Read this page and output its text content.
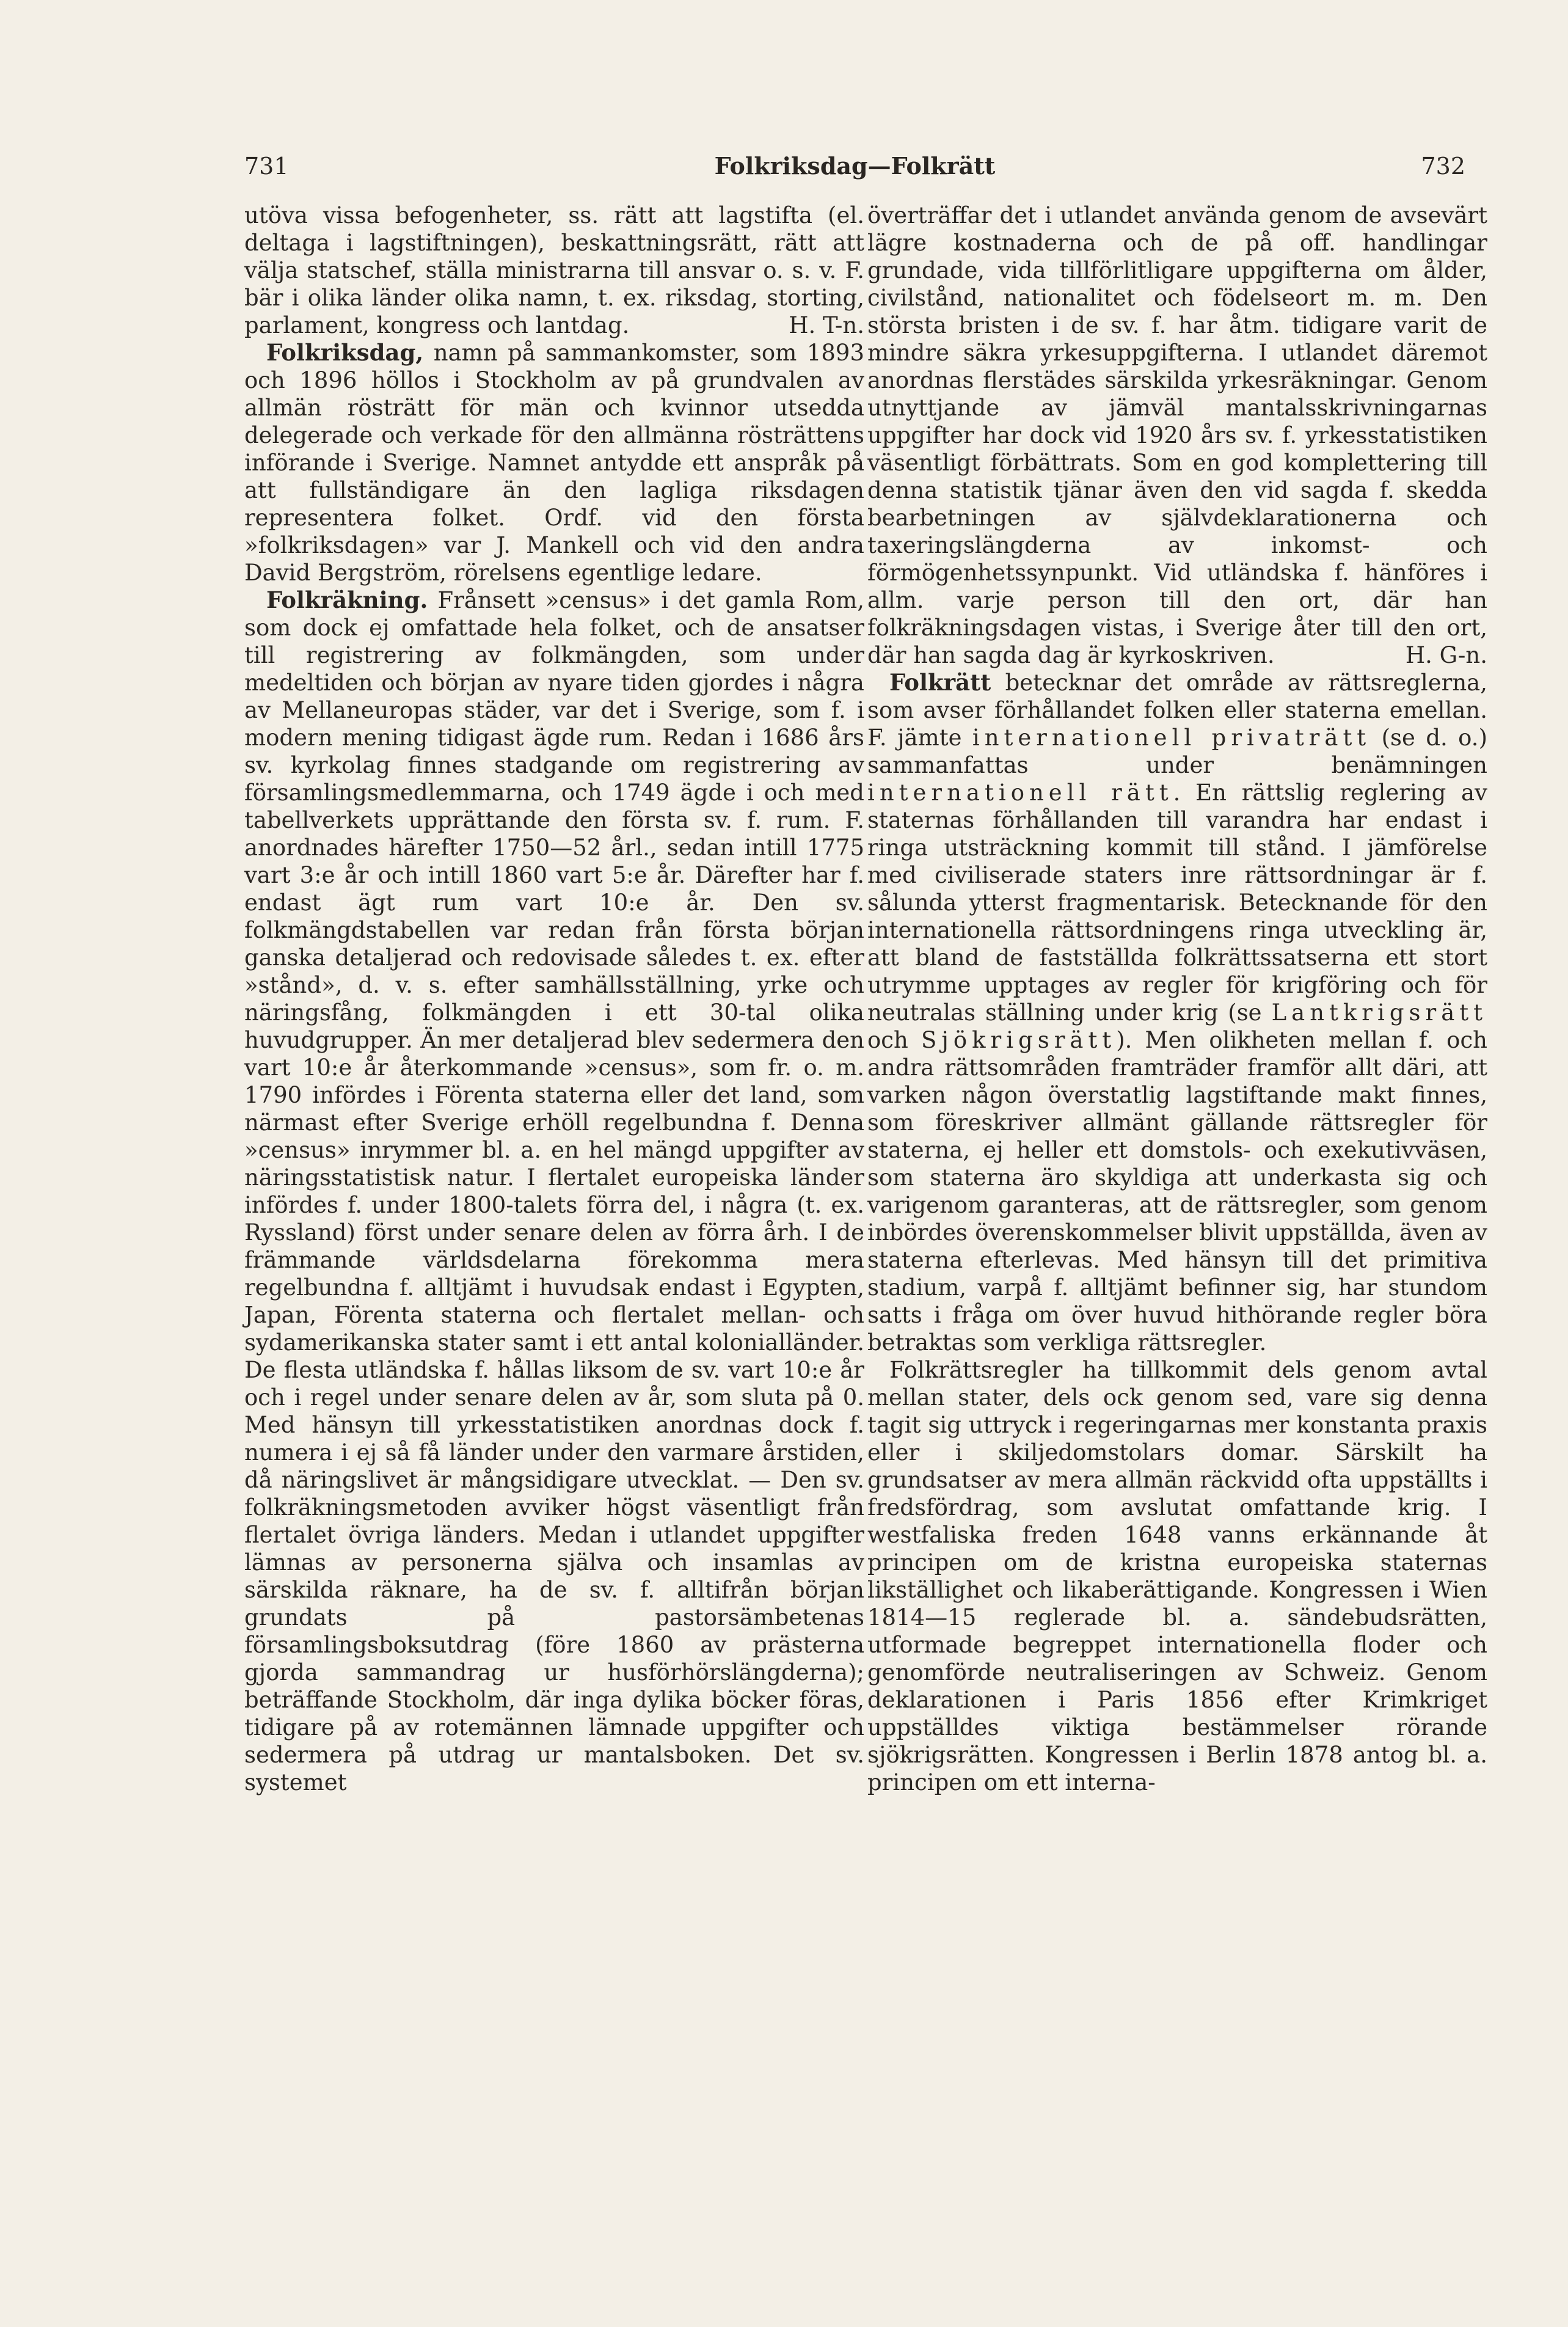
731	Folkriksdag—Folkrätt	732

utöva vissa befogenheter, ss. rätt att lagstifta (el. deltaga i lagstiftningen), beskattningsrätt, rätt att välja statschef, ställa ministrarna till ansvar o. s. v. F. bär i olika länder olika namn, t. ex. riksdag, storting, parlament, kongress och lantdag.	H. T-n.

Folkriksdag, namn på sammankomster, som 1893 och 1896 höllos i Stockholm av på grundvalen av allmän rösträtt för män och kvinnor utsedda delegerade och verkade för den allmänna rösträttens införande i Sverige. Namnet antydde ett anspråk på att fullständigare än den lagliga riksdagen representera folket. Ordf. vid den första »folkriksdagen» var J. Mankell och vid den andra David Bergström, rörelsens egentlige ledare.

Folkräkning. Frånsett »census» i det gamla Rom, som dock ej omfattade hela folket, och de ansatser till registrering av folkmängden, som under medeltiden och början av nyare tiden gjordes i några av Mellaneuropas städer, var det i Sverige, som f. i modern mening tidigast ägde rum. Redan i 1686 års sv. kyrkolag finnes stadgande om registrering av församlingsmedlemmarna, och 1749 ägde i och med tabellverkets upprättande den första sv. f. rum. F. anordnades härefter 1750—52 årl., sedan intill 1775 vart 3:e år och intill 1860 vart 5:e år. Därefter har f. endast ägt rum vart 10:e år. Den sv. folkmängdstabellen var redan från första början ganska detaljerad och redovisade således t. ex. efter »stånd», d. v. s. efter samhällsställning, yrke och näringsfång, folkmängden i ett 30-tal olika huvudgrupper. Än mer detaljerad blev sedermera den vart 10:e år återkommande »census», som fr. o. m. 1790 infördes i Förenta staterna eller det land, som närmast efter Sverige erhöll regelbundna f. Denna »census» inrymmer bl. a. en hel mängd uppgifter av näringsstatistisk natur. I flertalet europeiska länder infördes f. under 1800-talets förra del, i några (t. ex. Ryssland) först under senare delen av förra årh. I de främmande världsdelarna förekomma mera regelbundna f. alltjämt i huvudsak endast i Egypten, Japan, Förenta staterna och flertalet mellan- och sydamerikanska stater samt i ett antal kolonialländer. De flesta utländska f. hållas liksom de sv. vart 10:e år och i regel under senare delen av år, som sluta på 0. Med hänsyn till yrkesstatistiken anordnas dock f. numera i ej så få länder under den varmare årstiden, då näringslivet är mångsidigare utvecklat. — Den sv. folkräkningsmetoden avviker högst väsentligt från flertalet övriga länders. Medan i utlandet uppgifter lämnas av personerna själva och insamlas av särskilda räknare, ha de sv. f. alltifrån början grundats på pastorsämbetenas församlingsboksutdrag (före 1860 av prästerna gjorda sammandrag ur husförhörslängderna); beträffande Stockholm, där inga dylika böcker föras, tidigare på av rotemännen lämnade uppgifter och sedermera på utdrag ur mantalsboken. Det sv. systemet

överträffar det i utlandet använda genom de avsevärt lägre kostnaderna och de på off. handlingar grundade, vida tillförlitligare uppgifterna om ålder, civilstånd, nationalitet och födelseort m. m. Den största bristen i de sv. f. har åtm. tidigare varit de mindre säkra yrkesuppgifterna. I utlandet däremot anordnas flerstädes särskilda yrkesräkningar. Genom utnyttjande av jämväl mantalsskrivningarnas uppgifter har dock vid 1920 års sv. f. yrkesstatistiken väsentligt förbättrats. Som en god komplettering till denna statistik tjänar även den vid sagda f. skedda bearbetningen av självdeklarationerna och taxeringslängderna av inkomst- och förmögenhetssynpunkt. Vid utländska f. hänföres i allm. varje person till den ort, där han folkräkningsdagen vistas, i Sverige åter till den ort, där han sagda dag är kyrkoskriven.	H. G-n.

Folkrätt betecknar det område av rättsreglerna, som avser förhållandet folken eller staterna emellan. F. jämte internationell privaträtt (se d. o.) sammanfattas under benämningen internationell rätt. En rättslig reglering av staternas förhållanden till varandra har endast i ringa utsträckning kommit till stånd. I jämförelse med civiliserade staters inre rättsordningar är f. sålunda ytterst fragmentarisk. Betecknande för den internationella rättsordningens ringa utveckling är, att bland de fastställda folkrättssatserna ett stort utrymme upptages av regler för krigföring och för neutralas ställning under krig (se Lantkrigsrätt och Sjökrigsrätt). Men olikheten mellan f. och andra rättsområden framträder framför allt däri, att varken någon överstatlig lagstiftande makt finnes, som föreskriver allmänt gällande rättsregler för staterna, ej heller ett domstols- och exekutivväsen, som staterna äro skyldiga att underkasta sig och varigenom garanteras, att de rättsregler, som genom inbördes överenskommelser blivit uppställda, även av staterna efterlevas. Med hänsyn till det primitiva stadium, varpå f. alltjämt befinner sig, har stundom satts i fråga om över huvud hithörande regler böra betraktas som verkliga rättsregler.

Folkrättsregler ha tillkommit dels genom avtal mellan stater, dels ock genom sed, vare sig denna tagit sig uttryck i regeringarnas mer konstanta praxis eller i skiljedomstolars domar. Särskilt ha grundsatser av mera allmän räckvidd ofta uppställts i fredsfördrag, som avslutat omfattande krig. I westfaliska freden 1648 vanns erkännande åt principen om de kristna europeiska staternas likställighet och likaberättigande. Kongressen i Wien 1814—15 reglerade bl. a. sändebudsrätten, utformade begreppet internationella floder och genomförde neutraliseringen av Schweiz. Genom deklarationen i Paris 1856 efter Krimkriget uppställdes viktiga bestämmelser rörande sjökrigsrätten. Kongressen i Berlin 1878 antog bl. a. principen om ett interna-
